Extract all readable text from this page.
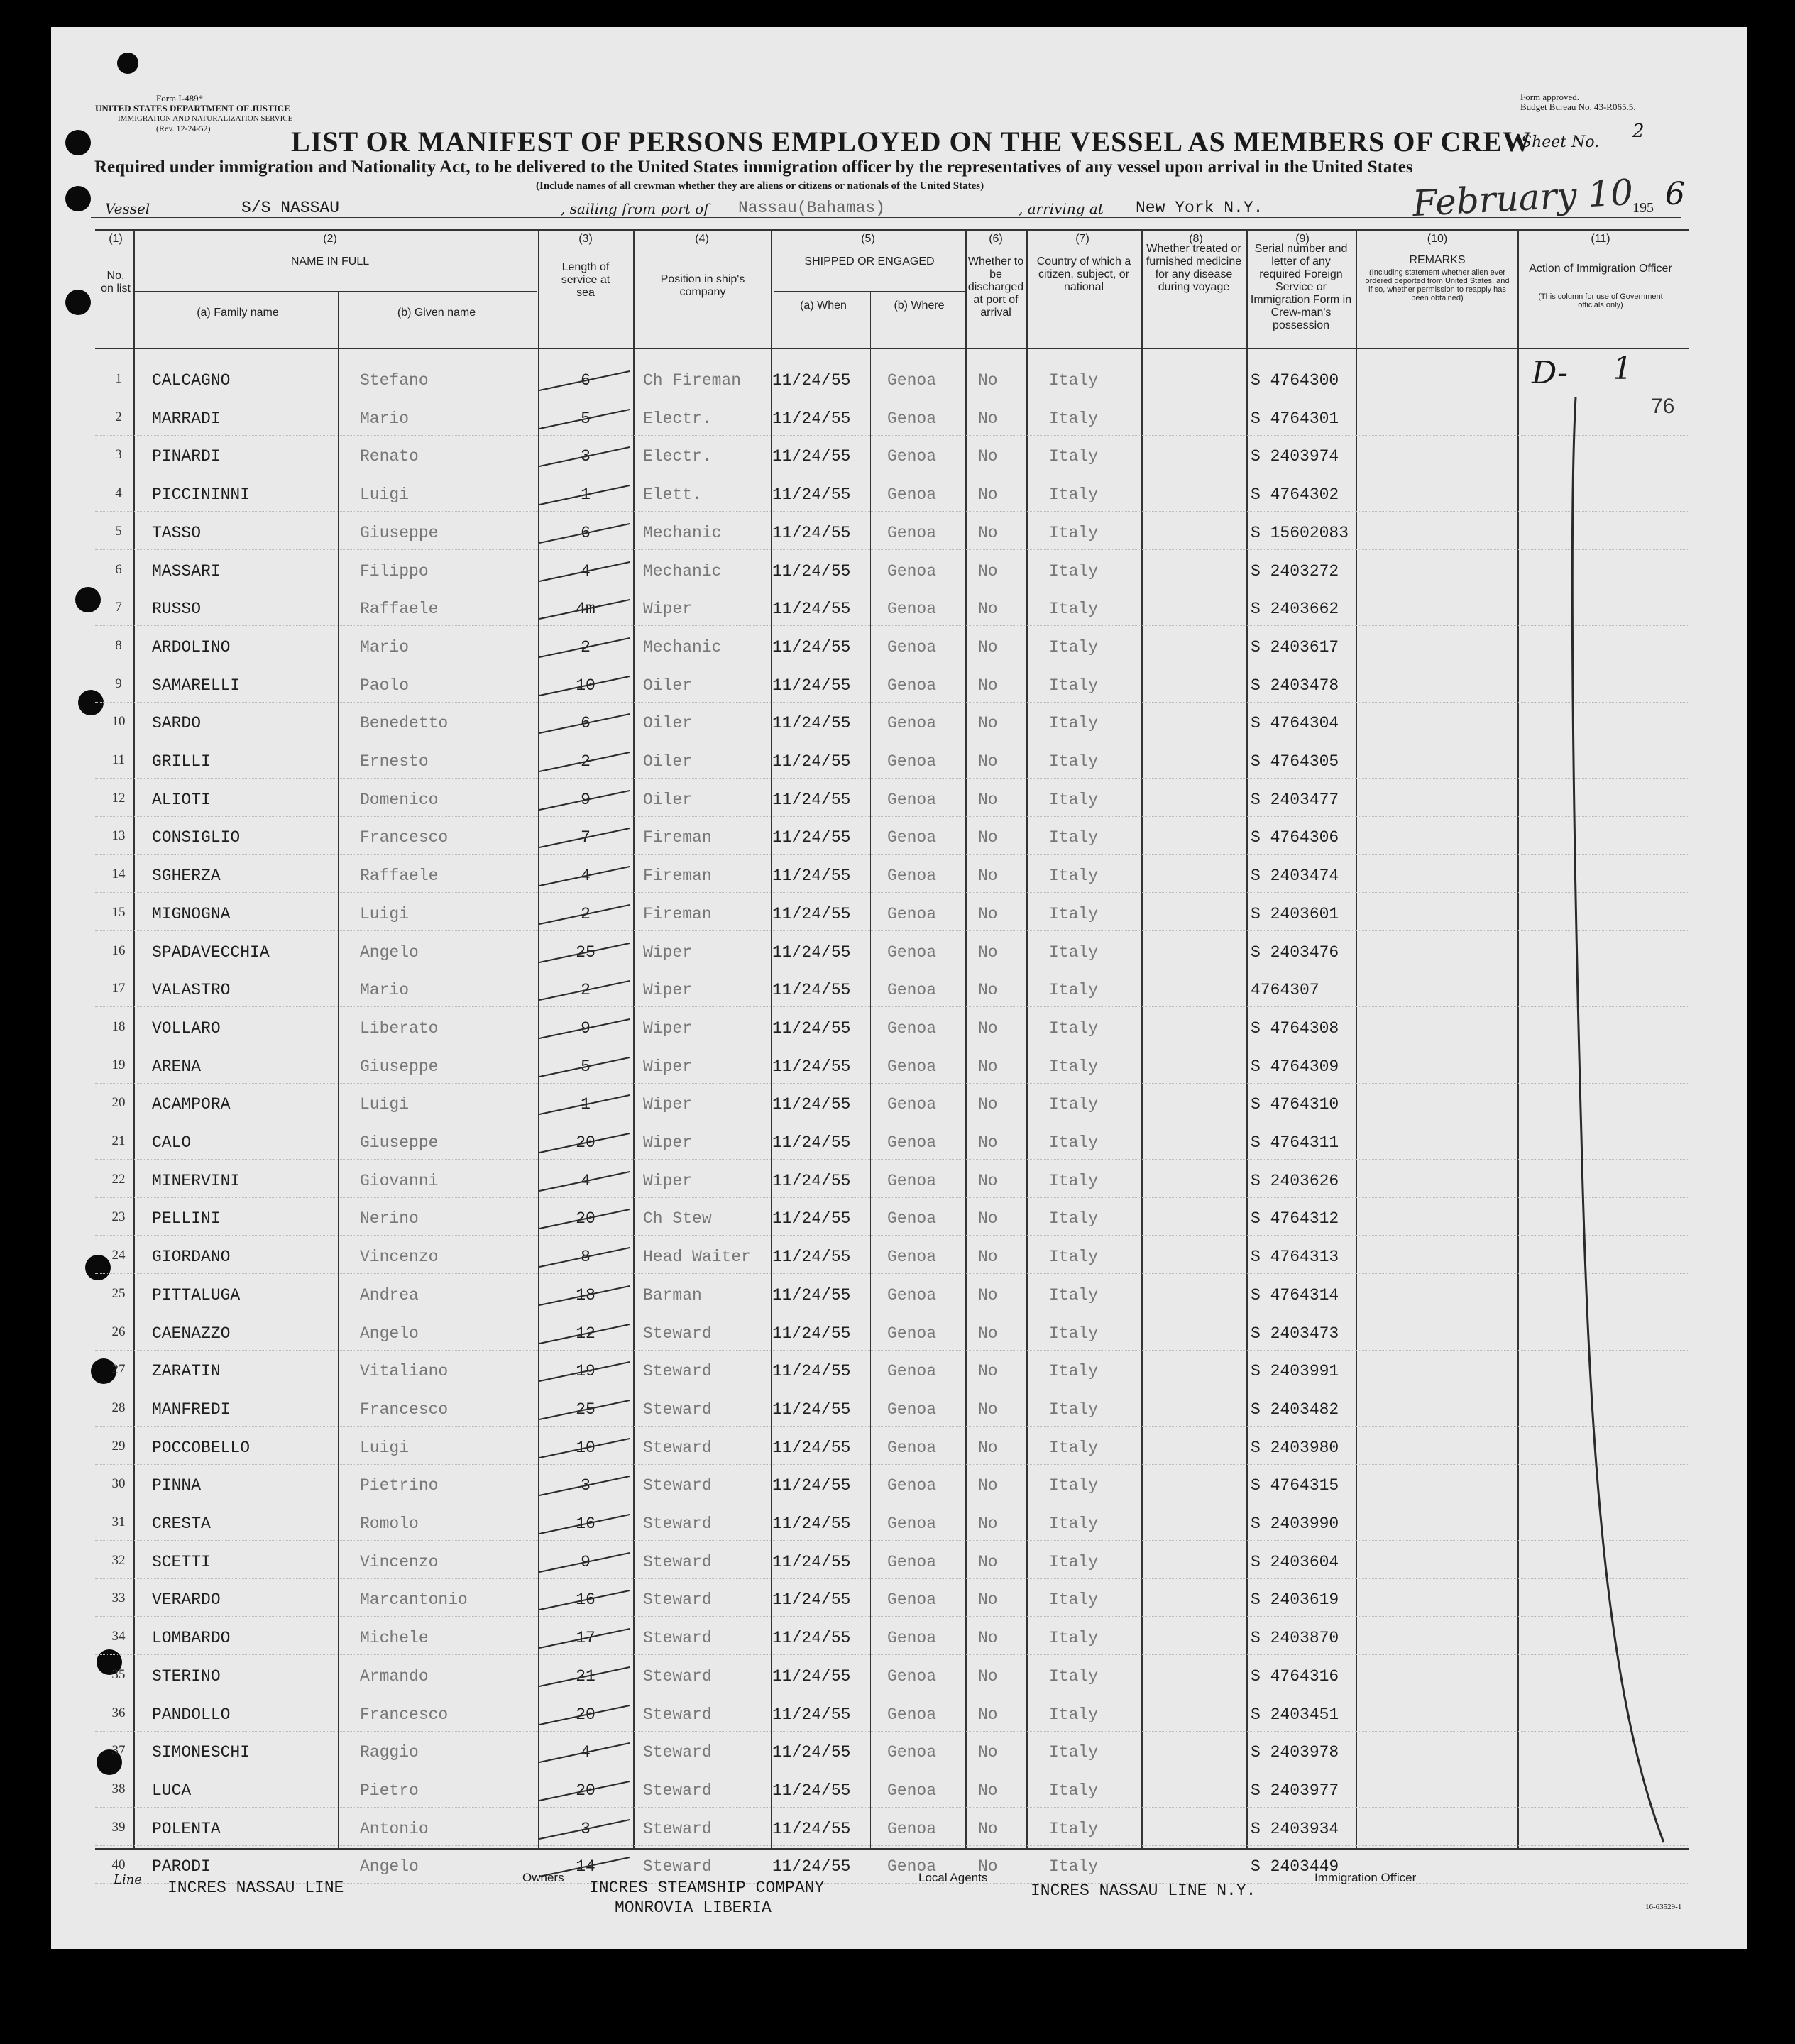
Form I-489*
UNITED STATES DEPARTMENT OF JUSTICE
IMMIGRATION AND NATURALIZATION SERVICE
(Rev. 12-24-52)
Form approved.
Budget Bureau No. 43-R065.5.
Sheet No.
2
LIST OR MANIFEST OF PERSONS EMPLOYED ON THE VESSEL AS MEMBERS OF CREW
Required under immigration and Nationality Act, to be delivered to the United States immigration officer by the representatives of any vessel upon arrival in the United States
(Include names of all crewman whether they are aliens or citizens or nationals of the United States)
Vessel	S/S NASSAU	, sailing from port of Nassau(Bahamas)	, arriving at New York N.Y.	February 10
195 6
(1)
No. on list
(2)
NAME IN FULL
(a) Family name	(b) Given name
(3)
Length of service at sea
(4)
Position in ship's company
(5)
SHIPPED OR ENGAGED
(a) When	(b) Where
(6)
Whether to be discharged at port of arrival
(7)
Country of which a citizen, subject, or national
(8)
Whether treated or furnished medicine for any disease during voyage
(9)
Serial number and letter of any required Foreign Service or Immigration Form in Crew-man's possession
(10)
REMARKS
(Including statement whether alien ever ordered deported from United States, and if so, whether permission to reapply has been obtained)
(11)
Action of Immigration Officer
(This column for use of Government officials only)
1	CALCAGNO	Stefano	6	Ch Fireman 11/24/55 Genoa	No	Italy	S 4764300
2	MARRADI	Mario	5	Electr.	11/24/55 Genoa	No	Italy	S 4764301
3	PINARDI	Renato	3	Electr.	11/24/55 Genoa	No	Italy	S 2403974
4	PICCININNI	Luigi	1	Elett.	11/24/55 Genoa	No	Italy	S 4764302
5	TASSO	Giuseppe	6	Mechanic	11/24/55 Genoa	No	Italy	S 15602083
6	MASSARI	Filippo	4	Mechanic	11/24/55 Genoa	No	Italy	S 2403272
7	RUSSO	Raffaele	4m	Wiper	11/24/55 Genoa	No	Italy	S 2403662
8	ARDOLINO	Mario	2	Mechanic	11/24/55 Genoa	No	Italy	S 2403617
9	SAMARELLI	Paolo	10	Oiler	11/24/55 Genoa	No	Italy	S 2403478
10 SARDO	Benedetto	6	Oiler	11/24/55 Genoa	No	Italy	S 4764304
11 GRILLI	Ernesto	2	Oiler	11/24/55 Genoa	No	Italy	S 4764305
12 ALIOTI	Domenico	9	Oiler	11/24/55 Genoa	No	Italy	S 2403477
13 CONSIGLIO	Francesco	7	Fireman	11/24/55 Genoa	No	Italy	S 4764306
14 SGHERZA	Raffaele	4	Fireman	11/24/55 Genoa	No	Italy	S 2403474
15 MIGNOGNA	Luigi	2	Fireman	11/24/55 Genoa	No	Italy	S 2403601
16 SPADAVECCHIA	Angelo	25	Wiper	11/24/55 Genoa	No	Italy	S 2403476
17 VALASTRO	Mario	2	Wiper	11/24/55 Genoa	No	Italy	4764307
18 VOLLARO	Liberato	9	Wiper	11/24/55 Genoa	No	Italy	S 4764308
19 ARENA	Giuseppe	5	Wiper	11/24/55 Genoa	No	Italy	S 4764309
20 ACAMPORA	Luigi	1	Wiper	11/24/55 Genoa	No	Italy	S 4764310
21 CALO	Giuseppe	20	Wiper	11/24/55 Genoa	No	Italy	S 4764311
22 MINERVINI	Giovanni	4	Wiper	11/24/55 Genoa	No	Italy	S 2403626
23 PELLINI	Nerino	20	Ch Stew	11/24/55 Genoa	No	Italy	S 4764312
24 GIORDANO	Vincenzo	8	Head Waiter 11/24/55 Genoa	No	Italy	S 4764313
25 PITTALUGA	Andrea	18	Barman	11/24/55 Genoa	No	Italy	S 4764314
26 CAENAZZO	Angelo	12	Steward	11/24/55 Genoa	No	Italy	S 2403473
27 ZARATIN	Vitaliano	19	Steward	11/24/55 Genoa	No	Italy	S 2403991
28 MANFREDI	Francesco	25	Steward	11/24/55 Genoa	No	Italy	S 2403482
29 POCCOBELLO	Luigi	10	Steward	11/24/55 Genoa	No	Italy	S 2403980
30 PINNA	Pietrino	3	Steward	11/24/55 Genoa	No	Italy	S 4764315
31 CRESTA	Romolo	16	Steward	11/24/55 Genoa	No	Italy	S 2403990
32 SCETTI	Vincenzo	9	Steward	11/24/55 Genoa	No	Italy	S 2403604
33 VERARDO	Marcantonio	16	Steward	11/24/55 Genoa	No	Italy	S 2403619
34 LOMBARDO	Michele	17	Steward	11/24/55 Genoa	No	Italy	S 2403870
35 STERINO	Armando	21	Steward	11/24/55 Genoa	No	Italy	S 4764316
36 PANDOLLO	Francesco	20	Steward	11/24/55 Genoa	No	Italy	S 2403451
37 SIMONESCHI	Raggio	4	Steward	11/24/55 Genoa	No	Italy	S 2403978
38 LUCA	Pietro	20	Steward	11/24/55 Genoa	No	Italy	S 2403977
39 POLENTA	Antonio	3	Steward	11/24/55 Genoa	No	Italy	S 2403934
40 PARODI	Angelo	14	Steward	11/24/55 Genoa	No	Italy	S 2403449
D- 1
76
Line INCRES NASSAU LINE
Owners
INCRES STEAMSHIP COMPANY
MONROVIA LIBERIA
Local Agents
INCRES NASSAU LINE N.Y.
Immigration Officer
16-63529-1
